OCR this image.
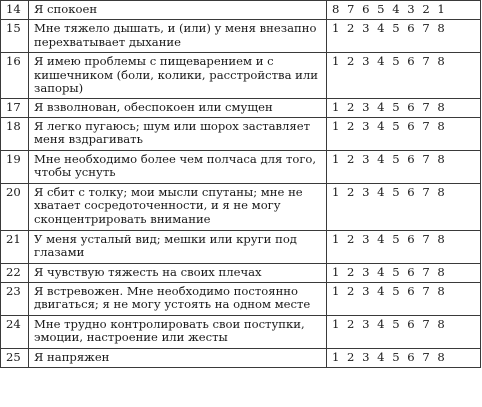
14	Я спокоен	8 7 6 5 4 3 2 1
15	Мне тяжело дышать, и (или) у меня внезапно перехватывает дыхание	1 2 3 4 5 6 7 8
16	Я имею проблемы с пищеварением и с кишечником (боли, колики, расстройства или запоры)	1 2 3 4 5 6 7 8
17	Я взволнован, обеспокоен или смущен	1 2 3 4 5 6 7 8
18	Я легко пугаюсь; шум или шорох заставляет меня вздрагивать	1 2 3 4 5 6 7 8
19	Мне необходимо более чем полчаса для того, чтобы уснуть	1 2 3 4 5 6 7 8
20	Я сбит с толку; мои мысли спутаны; мне не хватает сосредоточенности, и я не могу сконцентрировать внимание	1 2 3 4 5 6 7 8
21	У меня усталый вид; мешки или круги под глазами	1 2 3 4 5 6 7 8
22	Я чувствую тяжесть на своих плечах	1 2 3 4 5 6 7 8
23	Я встревожен. Мне необходимо постоянно двигаться; я не могу устоять на одном месте	1 2 3 4 5 6 7 8
24	Мне трудно контролировать свои поступки, эмоции, настроение или жесты	1 2 3 4 5 6 7 8
25	Я напряжен	1 2 3 4 5 6 7 8
